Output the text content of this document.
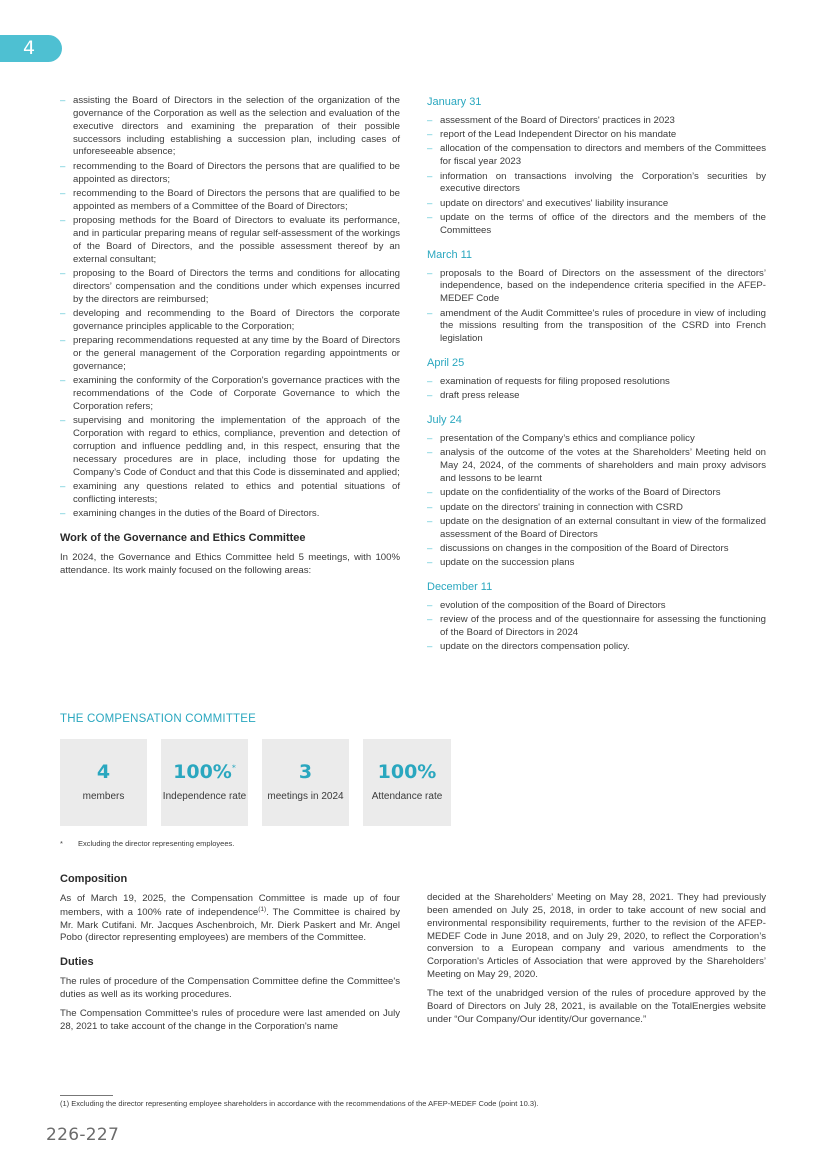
4
– assisting the Board of Directors in the selection of the organization of the governance of the Corporation as well as the selection and evaluation of the executive directors and examining the preparation of their possible successors including establishing a succession plan, including cases of unforeseeable absence;
– recommending to the Board of Directors the persons that are qualified to be appointed as directors;
– recommending to the Board of Directors the persons that are qualified to be appointed as members of a Committee of the Board of Directors;
– proposing methods for the Board of Directors to evaluate its performance, and in particular preparing means of regular self-assessment of the workings of the Board of Directors, and the possible assessment thereof by an external consultant;
– proposing to the Board of Directors the terms and conditions for allocating directors’ compensation and the conditions under which expenses incurred by the directors are reimbursed;
– developing and recommending to the Board of Directors the corporate governance principles applicable to the Corporation;
– preparing recommendations requested at any time by the Board of Directors or the general management of the Corporation regarding appointments or governance;
– examining the conformity of the Corporation's governance practices with the recommendations of the Code of Corporate Governance to which the Corporation refers;
– supervising and monitoring the implementation of the approach of the Corporation with regard to ethics, compliance, prevention and detection of corruption and influence peddling and, in this respect, ensuring that the necessary procedures are in place, including those for updating the Company’s Code of Conduct and that this Code is disseminated and applied;
– examining any questions related to ethics and potential situations of conflicting interests;
– examining changes in the duties of the Board of Directors.
Work of the Governance and Ethics Committee

In 2024, the Governance and Ethics Committee held 5 meetings, with 100% attendance. Its work mainly focused on the following areas:

January 31
– assessment of the Board of Directors' practices in 2023
– report of the Lead Independent Director on his mandate
– allocation of the compensation to directors and members of the Committees for fiscal year 2023
– information on transactions involving the Corporation’s securities by executive directors
– update on directors' and executives' liability insurance
– update on the terms of office of the directors and the members of the Committees
March 11
– proposals to the Board of Directors on the assessment of the directors’ independence, based on the independence criteria specified in the AFEP-MEDEF Code
– amendment of the Audit Committee's rules of procedure in view of including the missions resulting from the transposition of the CSRD into French legislation
April 25
– examination of requests for filing proposed resolutions
– draft press release
July 24
– presentation of the Company’s ethics and compliance policy
– analysis of the outcome of the votes at the Shareholders’ Meeting held on May 24, 2024, of the comments of shareholders and main proxy advisors and lessons to be learnt
– update on the confidentiality of the works of the Board of Directors
– update on the directors' training in connection with CSRD
– update on the designation of an external consultant in view of the formalized assessment of the Board of Directors
– discussions on changes in the composition of the Board of Directors
– update on the succession plans
December 11
– evolution of the composition of the Board of Directors
– review of the process and of the questionnaire for assessing the functioning of the Board of Directors in 2024
– update on the directors compensation policy.
THE COMPENSATION COMMITTEE
4
members
100%*
Independence rate
3
meetings in 2024
100%
Attendance rate
* Excluding the director representing employees.
Composition

As of March 19, 2025, the Compensation Committee is made up of four members, with a 100% rate of independence$^{(1)}$. The Committee is chaired by Mr. Mark Cutifani. Mr. Jacques Aschenbroich, Mr. Dierk Paskert and Mr. Angel Pobo (director representing employees) are members of the Committee.

Duties

The rules of procedure of the Compensation Committee define the Committee's duties as well as its working procedures.

The Compensation Committee's rules of procedure were last amended on July 28, 2021 to take account of the change in the Corporation's name

decided at the Shareholders’ Meeting on May 28, 2021. They had previously been amended on July 25, 2018, in order to take account of new social and environmental responsibility requirements, further to the revision of the AFEP-MEDEF Code in June 2018, and on July 29, 2020, to reflect the Corporation’s conversion to a European company and various amendments to the Corporation's Articles of Association that were approved by the Shareholders’ Meeting on May 29, 2020.

The text of the unabridged version of the rules of procedure approved by the Board of Directors on July 28, 2021, is available on the TotalEnergies website under “Our Company/Our identity/Our governance.”

(1) Excluding the director representing employee shareholders in accordance with the recommendations of the AFEP-MEDEF Code (point 10.3).
226-227
